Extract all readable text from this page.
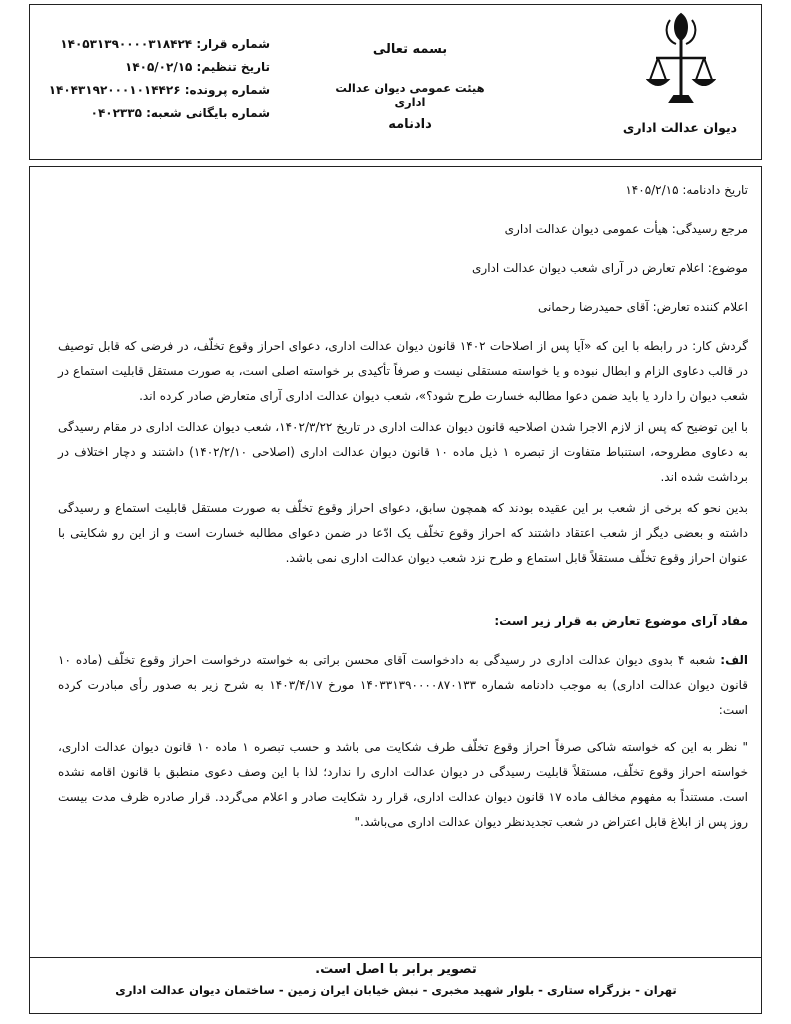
شماره قرار: ۱۴۰۵۳۱۳۹۰۰۰۰۳۱۸۴۲۴
تاریخ تنظیم: ۱۴۰۵/۰۲/۱۵
شماره پرونده: ۱۴۰۴۳۱۹۲۰۰۰۱۰۱۴۴۲۶
شماره بایگانی شعبه: ۰۴۰۲۳۳۵
بسمه تعالی
هیئت عمومی دیوان عدالت اداری
دادنامه	دیوان عدالت اداری

تاریخ دادنامه: ۱۴۰۵/۲/۱۵

مرجع رسیدگی: هیأت عمومی دیوان عدالت اداری

موضوع: اعلام تعارض در آرای شعب دیوان عدالت اداری

اعلام کننده تعارض: آقای حمیدرضا رحمانی

گردش کار: در رابطه با این که «آیا پس از اصلاحات ۱۴۰۲ قانون دیوان عدالت اداری، دعوای احراز وقوع تخلّف، در فرضی که قابل توصیف در قالب دعاوی الزام و ابطال نبوده و یا خواسته مستقلی نیست و صرفاً تأکیدی بر خواسته اصلی است، به صورت مستقل قابلیت استماع در شعب دیوان را دارد یا باید ضمن دعوا مطالبه خسارت طرح شود؟»، شعب دیوان عدالت اداری آرای متعارض صادر کرده اند.

با این توضیح که پس از لازم الاجرا شدن اصلاحیه قانون دیوان عدالت اداری در تاریخ ۱۴۰۲/۳/۲۲، شعب دیوان عدالت اداری در مقام رسیدگی به دعاوی مطروحه، استنباط متفاوت از تبصره ۱ ذیل ماده ۱۰ قانون دیوان عدالت اداری (اصلاحی ۱۴۰۲/۲/۱۰) داشتند و دچار اختلاف در برداشت شده اند.

بدین نحو که برخی از شعب بر این عقیده بودند که همچون سابق، دعوای احراز وقوع تخلّف به صورت مستقل قابلیت استماع و رسیدگی داشته و بعضی دیگر از شعب اعتقاد داشتند که احراز وقوع تخلّف یک ادّعا در ضمن دعوای مطالبه خسارت است و از این رو شکایتی با عنوان احراز وقوع تخلّف مستقلاً قابل استماع و طرح نزد شعب دیوان عدالت اداری نمی باشد.

مفاد آرای موضوع تعارض به قرار زیر است:

الف: شعبه ۴ بدوی دیوان عدالت اداری در رسیدگی به دادخواست آقای محسن براتی به خواسته درخواست احراز وقوع تخلّف (ماده ۱۰ قانون دیوان عدالت اداری) به موجب دادنامه شماره ۱۴۰۳۳۱۳۹۰۰۰۰۸۷۰۱۳۳ مورخ ۱۴۰۳/۴/۱۷ به شرح زیر به صدور رأی مبادرت کرده است:

" نظر به این که خواسته شاکی صرفاً احراز وقوع تخلّف طرف شکایت می باشد و حسب تبصره ۱ ماده ۱۰ قانون دیوان عدالت اداری، خواسته احراز وقوع تخلّف، مستقلاً قابلیت رسیدگی در دیوان عدالت اداری را ندارد؛ لذا با این وصف دعوی منطبق با قانون اقامه نشده است. مستنداً به مفهوم مخالف ماده ۱۷ قانون دیوان عدالت اداری، قرار رد شکایت صادر و اعلام می‌گردد. قرار صادره ظرف مدت بیست روز پس از ابلاغ قابل اعتراض در شعب تجدیدنظر دیوان عدالت اداری می‌باشد."

تصویر برابر با اصل است.
تهران - بزرگراه ستاری - بلوار شهید مخبری - نبش خیابان ایران زمین - ساختمان دیوان عدالت اداری
